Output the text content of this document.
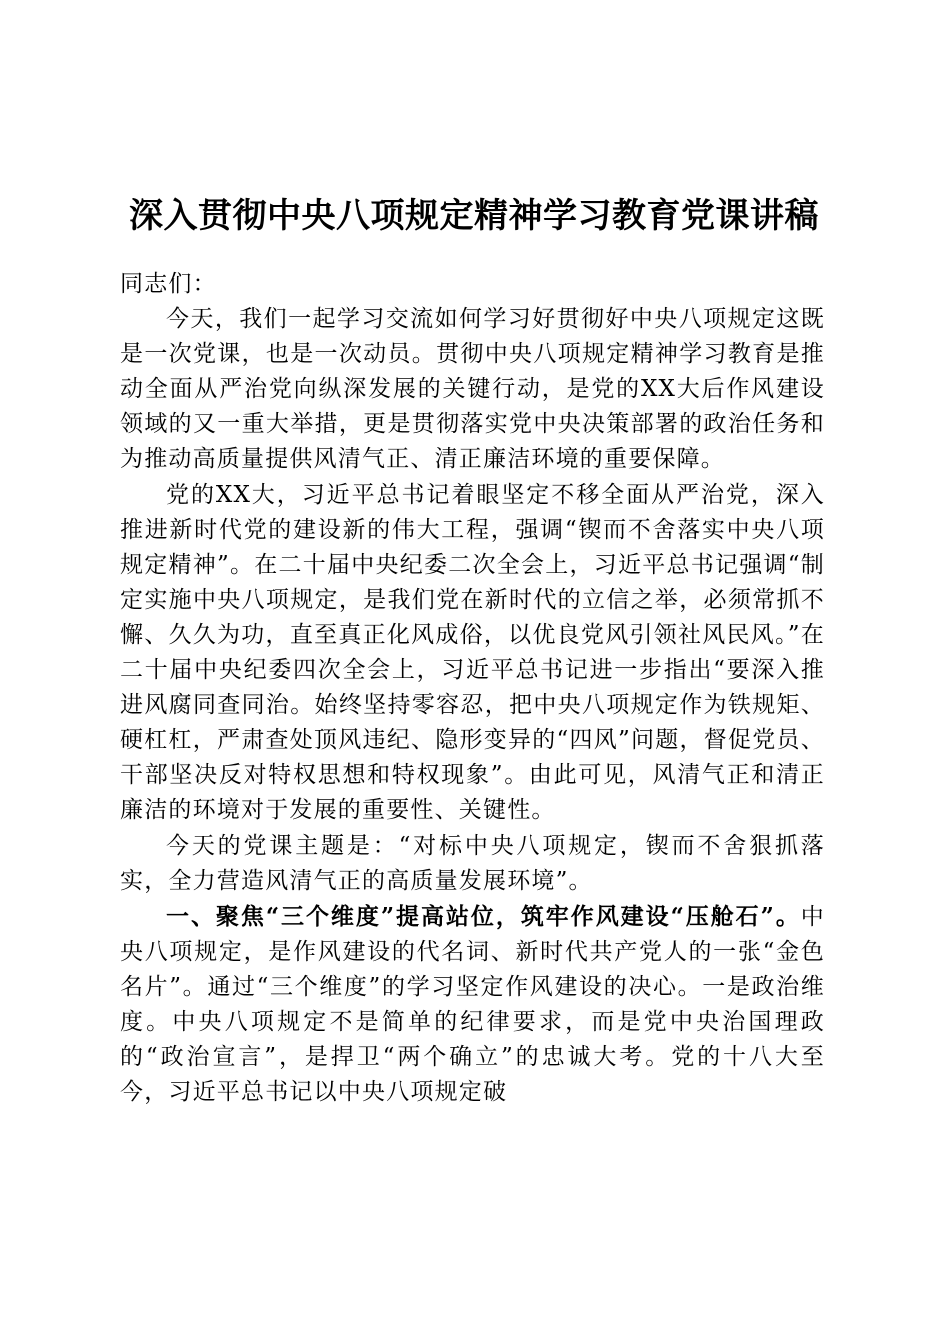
深入贯彻中央八项规定精神学习教育党课讲稿

同志们：

今天，我们一起学习交流如何学习好贯彻好中央八项规定这既是一次党课，也是一次动员。贯彻中央八项规定精神学习教育是推动全面从严治党向纵深发展的关键行动，是党的XX大后作风建设领域的又一重大举措，更是贯彻落实党中央决策部署的政治任务和为推动高质量提供风清气正、清正廉洁环境的重要保障。

党的XX大，习近平总书记着眼坚定不移全面从严治党，深入推进新时代党的建设新的伟大工程，强调“锲而不舍落实中央八项规定精神”。在二十届中央纪委二次全会上，习近平总书记强调“制定实施中央八项规定，是我们党在新时代的立信之举，必须常抓不懈、久久为功，直至真正化风成俗，以优良党风引领社风民风。”在二十届中央纪委四次全会上，习近平总书记进一步指出“要深入推进风腐同查同治。始终坚持零容忍，把中央八项规定作为铁规矩、硬杠杠，严肃查处顶风违纪、隐形变异的“四风”问题，督促党员、干部坚决反对特权思想和特权现象”。由此可见，风清气正和清正廉洁的环境对于发展的重要性、关键性。

今天的党课主题是：“对标中央八项规定，锲而不舍狠抓落实，全力营造风清气正的高质量发展环境”。

一、聚焦“三个维度”提高站位，筑牢作风建设“压舱石”。中央八项规定，是作风建设的代名词、新时代共产党人的一张“金色名片”。通过“三个维度”的学习坚定作风建设的决心。一是政治维度。中央八项规定不是简单的纪律要求，而是党中央治国理政的“政治宣言”，是捍卫“两个确立”的忠诚大考。党的十八大至今，习近平总书记以中央八项规定破
